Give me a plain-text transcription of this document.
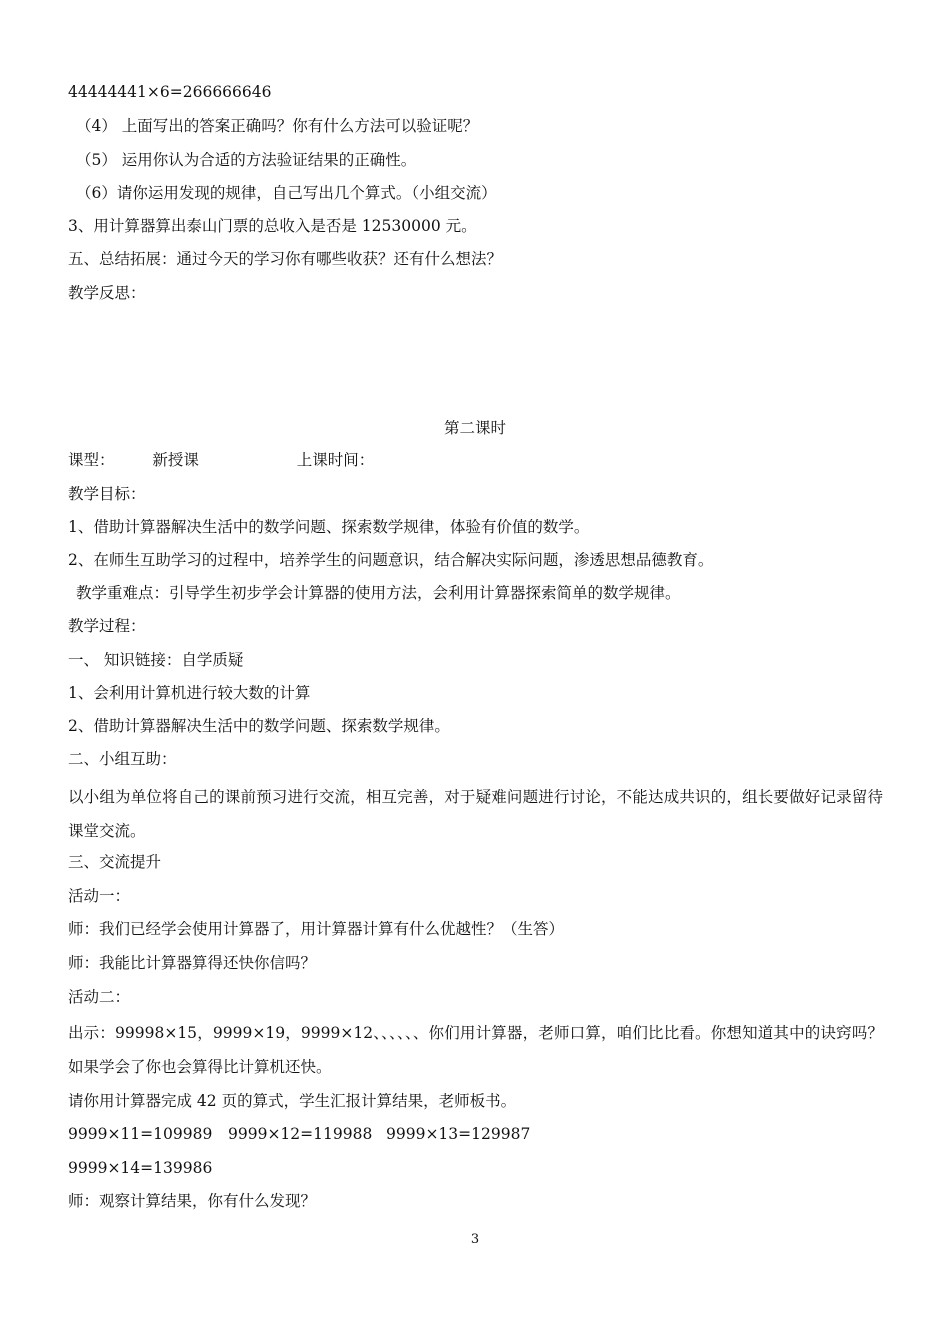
44444441×6=266666646
（4） 上面写出的答案正确吗？你有什么方法可以验证呢？
（5） 运用你认为合适的方法验证结果的正确性。
（6）请你运用发现的规律，自己写出几个算式。（小组交流）
3、用计算器算出泰山门票的总收入是否是 12530000 元。
五、总结拓展：通过今天的学习你有哪些收获？还有什么想法？
教学反思：
第二课时
课型： 新授课	上课时间：
教学目标：
1、借助计算器解决生活中的数学问题、探索数学规律，体验有价值的数学。
2、在师生互助学习的过程中，培养学生的问题意识，结合解决实际问题，渗透思想品德教育。
教学重难点：引导学生初步学会计算器的使用方法，会利用计算器探索简单的数学规律。
教学过程：
一、 知识链接：自学质疑
1、会利用计算机进行较大数的计算
2、借助计算器解决生活中的数学问题、探索数学规律。
二、小组互助：
以小组为单位将自己的课前预习进行交流，相互完善，对于疑难问题进行讨论，不能达成共识的，组长要做好记录留待课堂交流。
三、交流提升
活动一：
师：我们已经学会使用计算器了，用计算器计算有什么优越性？（生答）
师：我能比计算器算得还快你信吗？
活动二：
出示：99998×15，9999×19，9999×12、、、、、、你们用计算器，老师口算，咱们比比看。你想知道其中的诀窍吗？如果学会了你也会算得比计算机还快。
请你用计算器完成 42 页的算式，学生汇报计算结果，老师板书。
9999×11=109989 9999×12=119988 9999×13=129987
9999×14=139986
师：观察计算结果，你有什么发现？
3
